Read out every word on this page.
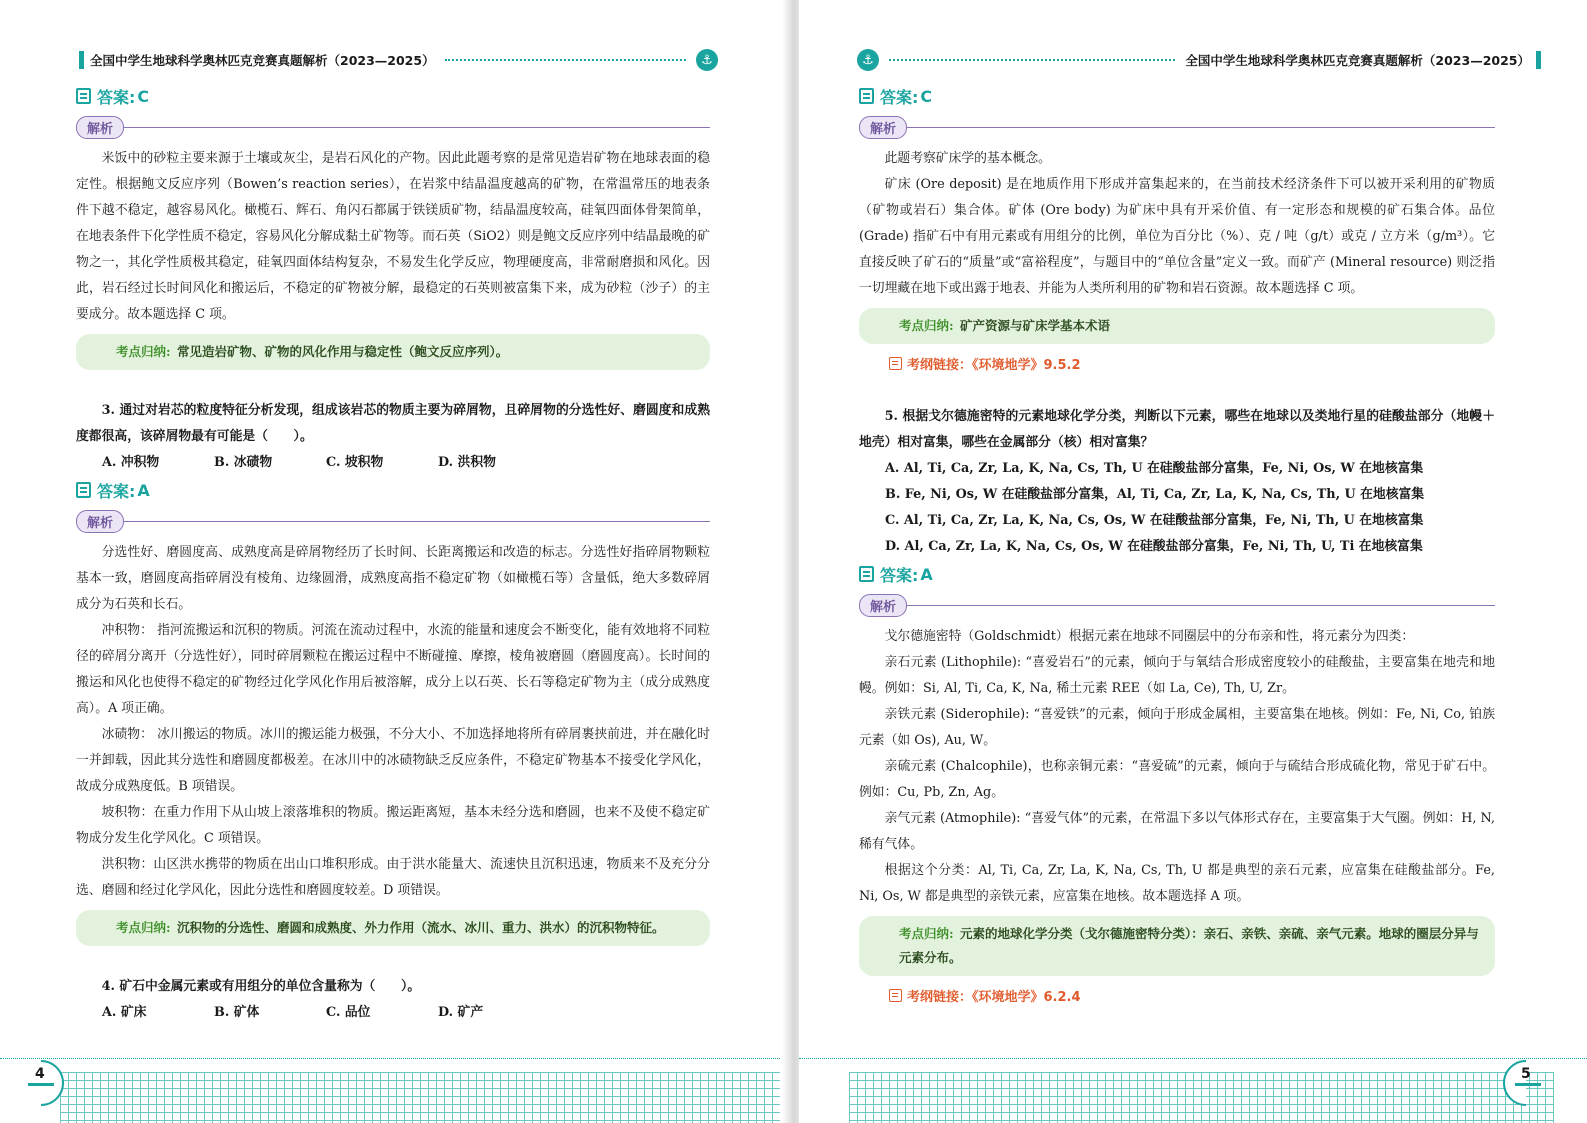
全国中学生地球科学奥林匹克竞赛真题解析（2023—2025）	⚓
答案: C
解析

米饭中的砂粒主要来源于土壤或灰尘，是岩石风化的产物。因此此题考察的是常见造岩矿物在地球表面的稳定性。根据鲍文反应序列（Bowen’s reaction series），在岩浆中结晶温度越高的矿物，在常温常压的地表条件下越不稳定，越容易风化。橄榄石、辉石、角闪石都属于铁镁质矿物，结晶温度较高，硅氧四面体骨架简单，在地表条件下化学性质不稳定，容易风化分解成黏土矿物等。而石英（SiO2）则是鲍文反应序列中结晶最晚的矿物之一，其化学性质极其稳定，硅氧四面体结构复杂，不易发生化学反应，物理硬度高，非常耐磨损和风化。因此，岩石经过长时间风化和搬运后，不稳定的矿物被分解，最稳定的石英则被富集下来，成为砂粒（沙子）的主要成分。故本题选择 C 项。

考点归纳: 常见造岩矿物、矿物的风化作用与稳定性（鲍文反应序列）。

3. 通过对岩芯的粒度特征分析发现，组成该岩芯的物质主要为碎屑物，且碎屑物的分选性好、磨圆度和成熟度都很高，该碎屑物最有可能是（　　）。

A. 冲积物	B. 冰碛物	C. 坡积物	D. 洪积物
答案: A
解析

分选性好、磨圆度高、成熟度高是碎屑物经历了长时间、长距离搬运和改造的标志。分选性好指碎屑物颗粒基本一致，磨圆度高指碎屑没有棱角、边缘圆滑，成熟度高指不稳定矿物（如橄榄石等）含量低，绝大多数碎屑成分为石英和长石。

冲积物： 指河流搬运和沉积的物质。河流在流动过程中，水流的能量和速度会不断变化，能有效地将不同粒径的碎屑分离开（分选性好），同时碎屑颗粒在搬运过程中不断碰撞、摩擦，棱角被磨圆（磨圆度高）。长时间的搬运和风化也使得不稳定的矿物经过化学风化作用后被溶解，成分上以石英、长石等稳定矿物为主（成分成熟度高）。A 项正确。

冰碛物： 冰川搬运的物质。冰川的搬运能力极强，不分大小、不加选择地将所有碎屑裹挟前进，并在融化时一并卸载，因此其分选性和磨圆度都极差。在冰川中的冰碛物缺乏反应条件，不稳定矿物基本不接受化学风化，故成分成熟度低。B 项错误。

坡积物：在重力作用下从山坡上滚落堆积的物质。搬运距离短，基本未经分选和磨圆，也来不及使不稳定矿物成分发生化学风化。C 项错误。

洪积物：山区洪水携带的物质在出山口堆积形成。由于洪水能量大、流速快且沉积迅速，物质来不及充分分选、磨圆和经过化学风化，因此分选性和磨圆度较差。D 项错误。

考点归纳: 沉积物的分选性、磨圆和成熟度、外力作用（流水、冰川、重力、洪水）的沉积物特征。

4. 矿石中金属元素或有用组分的单位含量称为（　　）。

A. 矿床	B. 矿体	C. 品位	D. 矿产
4
⚓	全国中学生地球科学奥林匹克竞赛真题解析（2023—2025）
答案: C
解析

此题考察矿床学的基本概念。

矿床 (Ore deposit) 是在地质作用下形成并富集起来的，在当前技术经济条件下可以被开采利用的矿物质（矿物或岩石）集合体。矿体 (Ore body) 为矿床中具有开采价值、有一定形态和规模的矿石集合体。品位 (Grade) 指矿石中有用元素或有用组分的比例，单位为百分比（%）、克 / 吨（g/t）或克 / 立方米（g/m³）。它直接反映了矿石的“质量”或“富裕程度”，与题目中的“单位含量”定义一致。而矿产 (Mineral resource) 则泛指一切埋藏在地下或出露于地表、并能为人类所利用的矿物和岩石资源。故本题选择 C 项。

考点归纳: 矿产资源与矿床学基本术语
考纲链接：《环境地学》9.5.2

5. 根据戈尔德施密特的元素地球化学分类，判断以下元素，哪些在地球以及类地行星的硅酸盐部分（地幔＋地壳）相对富集，哪些在金属部分（核）相对富集？

A. Al, Ti, Ca, Zr, La, K, Na, Cs, Th, U 在硅酸盐部分富集，Fe, Ni, Os, W 在地核富集
B. Fe, Ni, Os, W 在硅酸盐部分富集，Al, Ti, Ca, Zr, La, K, Na, Cs, Th, U 在地核富集
C. Al, Ti, Ca, Zr, La, K, Na, Cs, Os, W 在硅酸盐部分富集，Fe, Ni, Th, U 在地核富集
D. Al, Ca, Zr, La, K, Na, Cs, Os, W 在硅酸盐部分富集，Fe, Ni, Th, U, Ti 在地核富集
答案: A
解析

戈尔德施密特（Goldschmidt）根据元素在地球不同圈层中的分布亲和性，将元素分为四类：

亲石元素 (Lithophile): “喜爱岩石”的元素，倾向于与氧结合形成密度较小的硅酸盐，主要富集在地壳和地幔。例如：Si, Al, Ti, Ca, K, Na, 稀土元素 REE（如 La, Ce), Th, U, Zr。

亲铁元素 (Siderophile): “喜爱铁”的元素，倾向于形成金属相，主要富集在地核。例如：Fe, Ni, Co, 铂族元素（如 Os), Au, W。

亲硫元素 (Chalcophile)，也称亲铜元素：“喜爱硫”的元素，倾向于与硫结合形成硫化物，常见于矿石中。例如：Cu, Pb, Zn, Ag。

亲气元素 (Atmophile): “喜爱气体”的元素，在常温下多以气体形式存在，主要富集于大气圈。例如：H, N, 稀有气体。

根据这个分类：Al, Ti, Ca, Zr, La, K, Na, Cs, Th, U 都是典型的亲石元素，应富集在硅酸盐部分。Fe, Ni, Os, W 都是典型的亲铁元素，应富集在地核。故本题选择 A 项。

考点归纳: 元素的地球化学分类（戈尔德施密特分类）：亲石、亲铁、亲硫、亲气元素。地球的圈层分异与元素分布。
考纲链接：《环境地学》6.2.4
5
